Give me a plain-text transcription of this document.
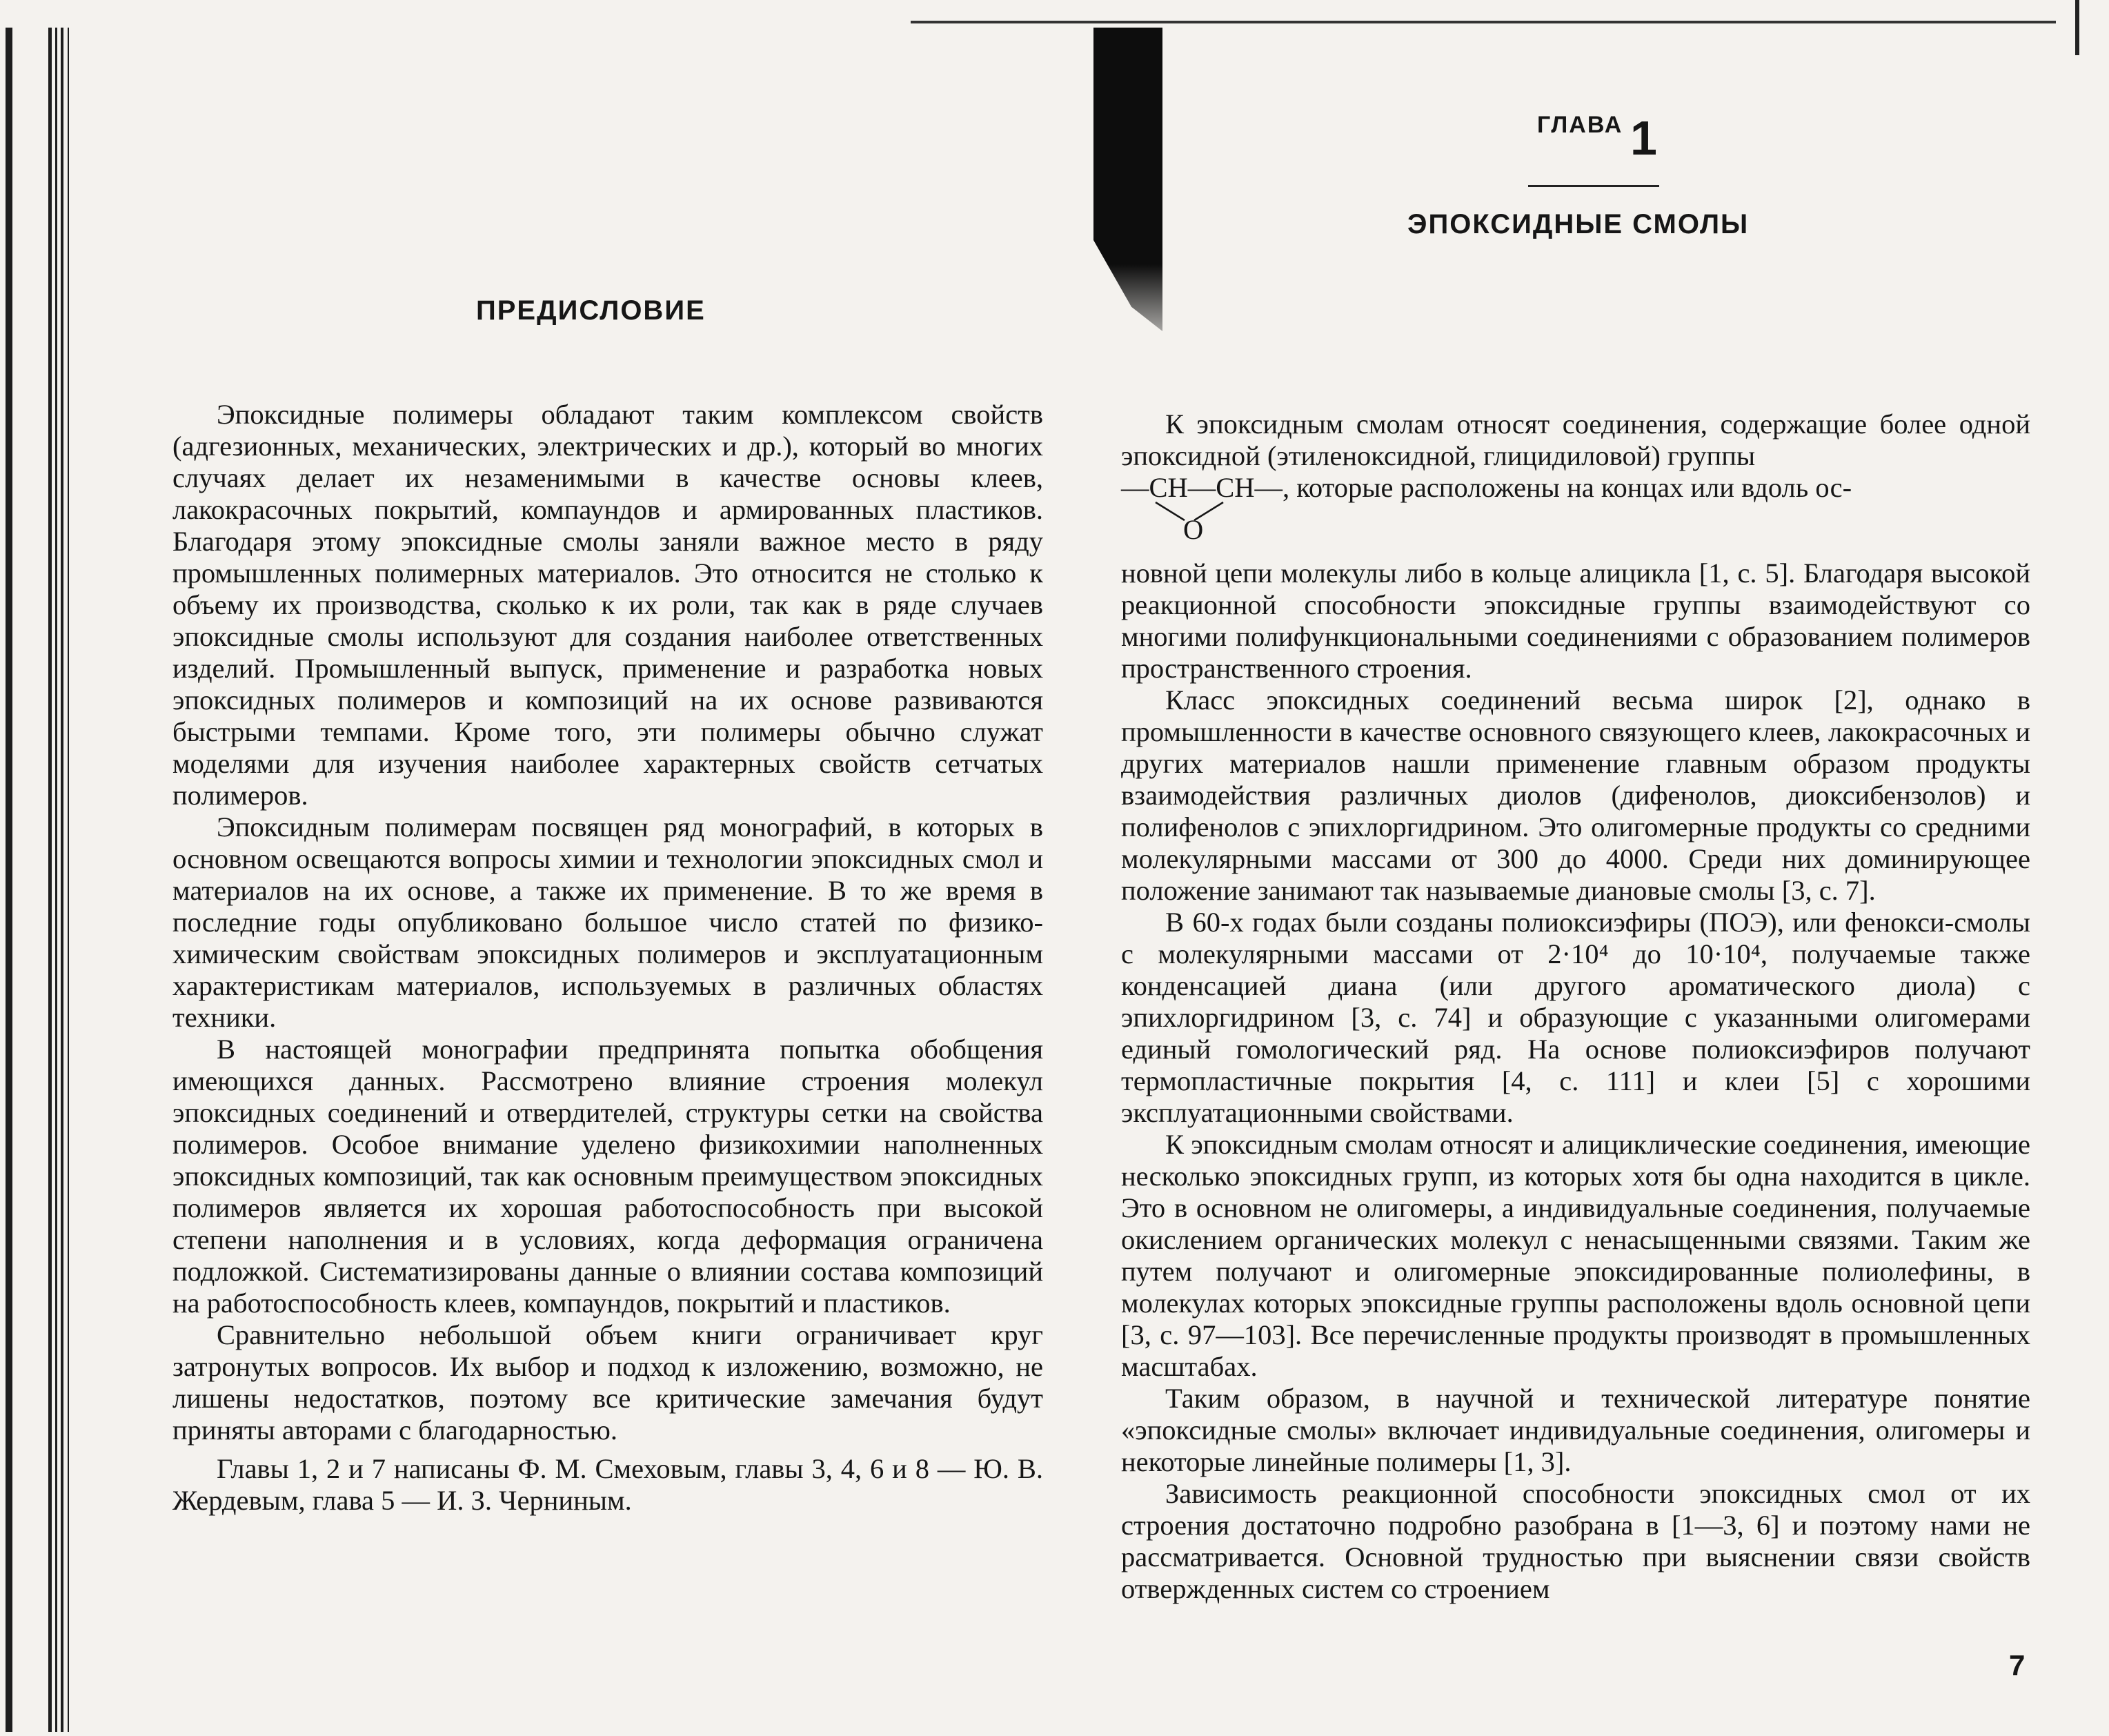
ПРЕДИСЛОВИЕ

Эпоксидные полимеры обладают таким комплексом свойств (адгезионных, механических, электрических и др.), который во многих случаях делает их незаменимыми в качестве основы клеев, лакокрасочных покрытий, компаундов и армированных пластиков. Благодаря этому эпоксидные смолы заняли важное место в ряду промышленных полимерных материалов. Это относится не столько к объему их производства, сколько к их роли, так как в ряде случаев эпоксидные смолы используют для создания наиболее ответственных изделий. Промышленный выпуск, применение и разработка новых эпоксидных полимеров и композиций на их основе развиваются быстрыми темпами. Кроме того, эти полимеры обычно служат моделями для изучения наиболее характерных свойств сетчатых полимеров.

Эпоксидным полимерам посвящен ряд монографий, в которых в основном освещаются вопросы химии и технологии эпоксидных смол и материалов на их основе, а также их применение. В то же время в последние годы опубликовано большое число статей по физико-химическим свойствам эпоксидных полимеров и эксплуатационным характеристикам материалов, используемых в различных областях техники.

В настоящей монографии предпринята попытка обобщения имеющихся данных. Рассмотрено влияние строения молекул эпоксидных соединений и отвердителей, структуры сетки на свойства полимеров. Особое внимание уделено физикохимии наполненных эпоксидных композиций, так как основным преимуществом эпоксидных полимеров является их хорошая работоспособность при высокой степени наполнения и в условиях, когда деформация ограничена подложкой. Систематизированы данные о влиянии состава композиций на работоспособность клеев, компаундов, покрытий и пластиков.

Сравнительно небольшой объем книги ограничивает круг затронутых вопросов. Их выбор и подход к изложению, возможно, не лишены недостатков, поэтому все критические замечания будут приняты авторами с благодарностью.

Главы 1, 2 и 7 написаны Ф. М. Смеховым, главы 3, 4, 6 и 8 — Ю. В. Жердевым, глава 5 — И. З. Черниным.

ГЛАВА 1
ЭПОКСИДНЫЕ СМОЛЫ

К эпоксидным смолам относят соединения, содержащие более одной эпоксидной (этиленоксидной, глицидиловой) группы

—CH—CH—, которые расположены на концах или вдоль ос-
O

новной цепи молекулы либо в кольце алицикла [1, с. 5]. Благодаря высокой реакционной способности эпоксидные группы взаимодействуют со многими полифункциональными соединениями с образованием полимеров пространственного строения.

Класс эпоксидных соединений весьма широк [2], однако в промышленности в качестве основного связующего клеев, лакокрасочных и других материалов нашли применение главным образом продукты взаимодействия различных диолов (дифенолов, диоксибензолов) и полифенолов с эпихлоргидрином. Это олигомерные продукты со средними молекулярными массами от 300 до 4000. Среди них доминирующее положение занимают так называемые диановые смолы [3, с. 7].

В 60-х годах были созданы полиоксиэфиры (ПОЭ), или фенокси-смолы с молекулярными массами от 2·10⁴ до 10·10⁴, получаемые также конденсацией диана (или другого ароматического диола) с эпихлоргидрином [3, с. 74] и образующие с указанными олигомерами единый гомологический ряд. На основе полиоксиэфиров получают термопластичные покрытия [4, с. 111] и клеи [5] с хорошими эксплуатационными свойствами.

К эпоксидным смолам относят и алициклические соединения, имеющие несколько эпоксидных групп, из которых хотя бы одна находится в цикле. Это в основном не олигомеры, а индивидуальные соединения, получаемые окислением органических молекул с ненасыщенными связями. Таким же путем получают и олигомерные эпоксидированные полиолефины, в молекулах которых эпоксидные группы расположены вдоль основной цепи [3, с. 97—103]. Все перечисленные продукты производят в промышленных масштабах.

Таким образом, в научной и технической литературе понятие «эпоксидные смолы» включает индивидуальные соединения, олигомеры и некоторые линейные полимеры [1, 3].

Зависимость реакционной способности эпоксидных смол от их строения достаточно подробно разобрана в [1—3, 6] и поэтому нами не рассматривается. Основной трудностью при выяснении связи свойств отвержденных систем со строением

7
